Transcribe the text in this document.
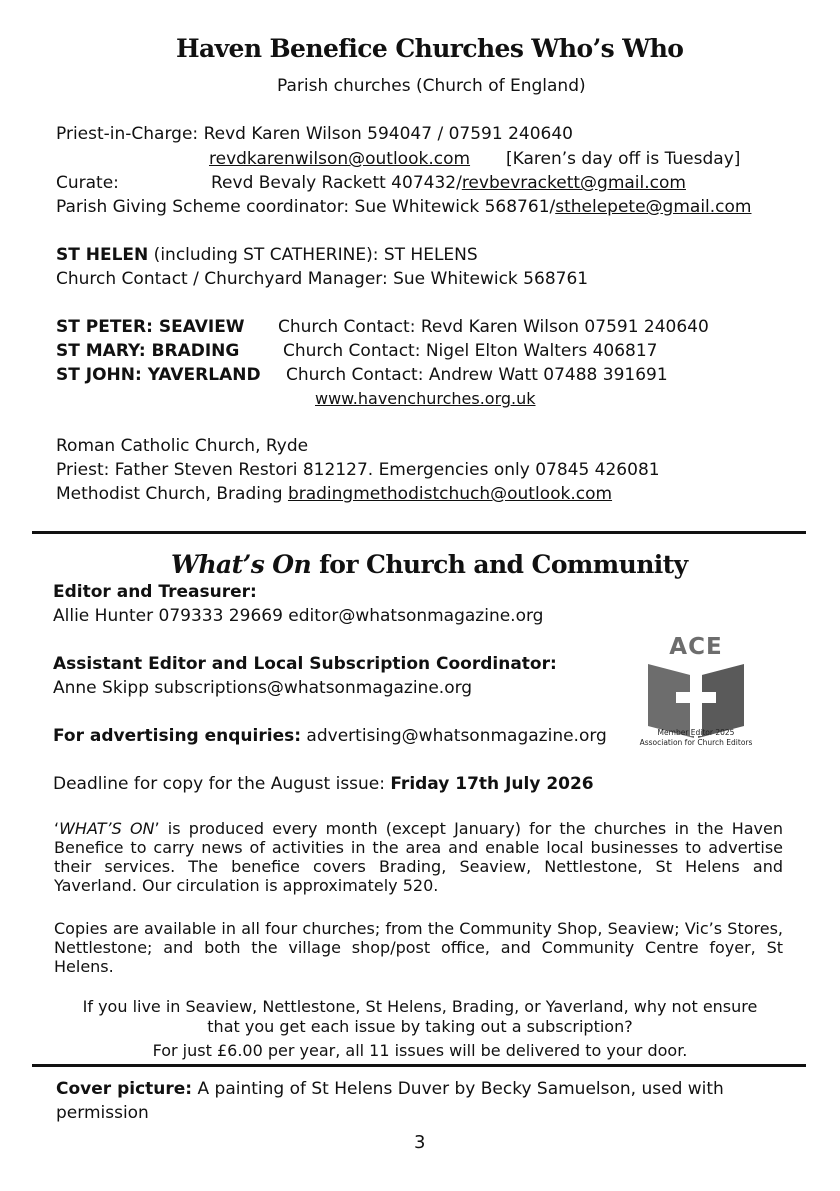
Haven Benefice Churches Who’s Who
Parish churches (Church of England)
Priest-in-Charge: Revd Karen Wilson 594047 / 07591 240640
revdkarenwilson@outlook.com [Karen’s day off is Tuesday]
Curate:	Revd Bevaly Rackett 407432/revbevrackett@gmail.com
Parish Giving Scheme coordinator: Sue Whitewick 568761/sthelepete@gmail.com
ST HELEN (including ST CATHERINE): ST HELENS
Church Contact / Churchyard Manager: Sue Whitewick 568761
ST PETER: SEAVIEW Church Contact: Revd Karen Wilson 07591 240640
ST MARY: BRADING	Church Contact: Nigel Elton Walters 406817
ST JOHN: YAVERLAND Church Contact: Andrew Watt 07488 391691
www.havenchurches.org.uk
Roman Catholic Church, Ryde
Priest: Father Steven Restori 812127. Emergencies only 07845 426081
Methodist Church, Brading bradingmethodistchuch@outlook.com
What’s On for Church and Community
Editor and Treasurer:
Allie Hunter 079333 29669 editor@whatsonmagazine.org
Assistant Editor and Local Subscription Coordinator:
Anne Skipp subscriptions@whatsonmagazine.org
For advertising enquiries: advertising@whatsonmagazine.org
ACE
Member Editor 2025
Association for Church Editors
Deadline for copy for the August issue: Friday 17th July 2026
‘WHAT’S ON’ is produced every month (except January) for the churches in the Haven Benefice to carry news of activities in the area and enable local businesses to advertise their services. The benefice covers Brading, Seaview, Nettlestone, St Helens and Yaverland. Our circulation is approximately 520.
Copies are available in all four churches; from the Community Shop, Seaview; Vic’s Stores, Nettlestone; and both the village shop/post office, and Community Centre foyer, St Helens.
If you live in Seaview, Nettlestone, St Helens, Brading, or Yaverland, why not ensure
that you get each issue by taking out a subscription?
For just £6.00 per year, all 11 issues will be delivered to your door.
Cover picture: A painting of St Helens Duver by Becky Samuelson, used with
permission
3
